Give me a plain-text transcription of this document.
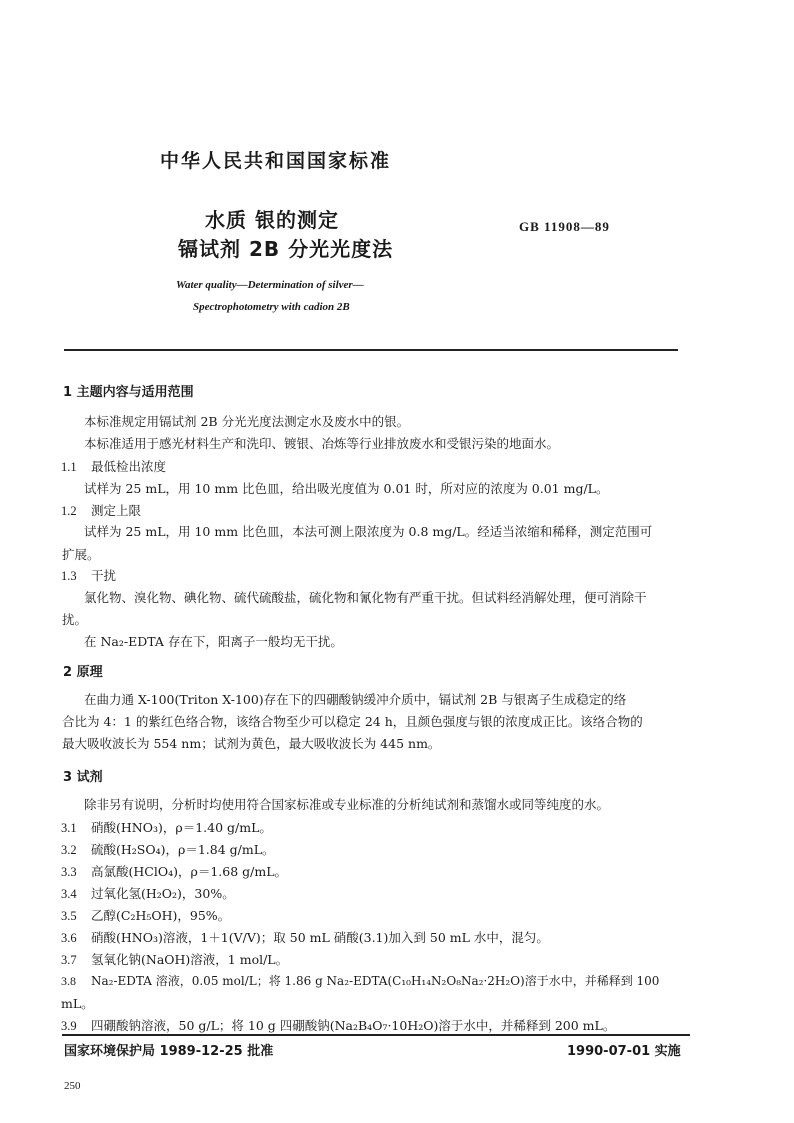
中华人民共和国国家标准
水质 银的测定
镉试剂 2B 分光光度法
GB 11908—89
Water quality—Determination of silver—
Spectrophotometry with cadion 2B
1 主题内容与适用范围
本标准规定用镉试剂 2B 分光光度法测定水及废水中的银。
本标准适用于感光材料生产和洗印、镀银、冶炼等行业排放废水和受银污染的地面水。
1.1 最低检出浓度
试样为 25 mL，用 10 mm 比色皿，给出吸光度值为 0.01 时，所对应的浓度为 0.01 mg/L。
1.2 测定上限
试样为 25 mL，用 10 mm 比色皿，本法可测上限浓度为 0.8 mg/L。经适当浓缩和稀释，测定范围可
扩展。
1.3 干扰
氯化物、溴化物、碘化物、硫代硫酸盐，硫化物和氰化物有严重干扰。但试料经消解处理，便可消除干
扰。
在 Na₂-EDTA 存在下，阳离子一般均无干扰。
2 原理
在曲力通 X-100(Triton X-100)存在下的四硼酸钠缓冲介质中，镉试剂 2B 与银离子生成稳定的络
合比为 4：1 的紫红色络合物，该络合物至少可以稳定 24 h，且颜色强度与银的浓度成正比。该络合物的
最大吸收波长为 554 nm；试剂为黄色，最大吸收波长为 445 nm。
3 试剂
除非另有说明，分析时均使用符合国家标准或专业标准的分析纯试剂和蒸馏水或同等纯度的水。
3.1 硝酸(HNO₃)，ρ＝1.40 g/mL。
3.2 硫酸(H₂SO₄)，ρ＝1.84 g/mL。
3.3 高氯酸(HClO₄)，ρ＝1.68 g/mL。
3.4 过氧化氢(H₂O₂)，30%。
3.5 乙醇(C₂H₅OH)，95%。
3.6 硝酸(HNO₃)溶液，1＋1(V/V)；取 50 mL 硝酸(3.1)加入到 50 mL 水中，混匀。
3.7 氢氧化钠(NaOH)溶液，1 mol/L。
3.8 Na₂-EDTA 溶液，0.05 mol/L；将 1.86 g Na₂-EDTA(C₁₀H₁₄N₂O₈Na₂·2H₂O)溶于水中，并稀释到 100
mL。
3.9 四硼酸钠溶液，50 g/L；将 10 g 四硼酸钠(Na₂B₄O₇·10H₂O)溶于水中，并稀释到 200 mL。
国家环境保护局 1989-12-25 批准	1990-07-01 实施
250
